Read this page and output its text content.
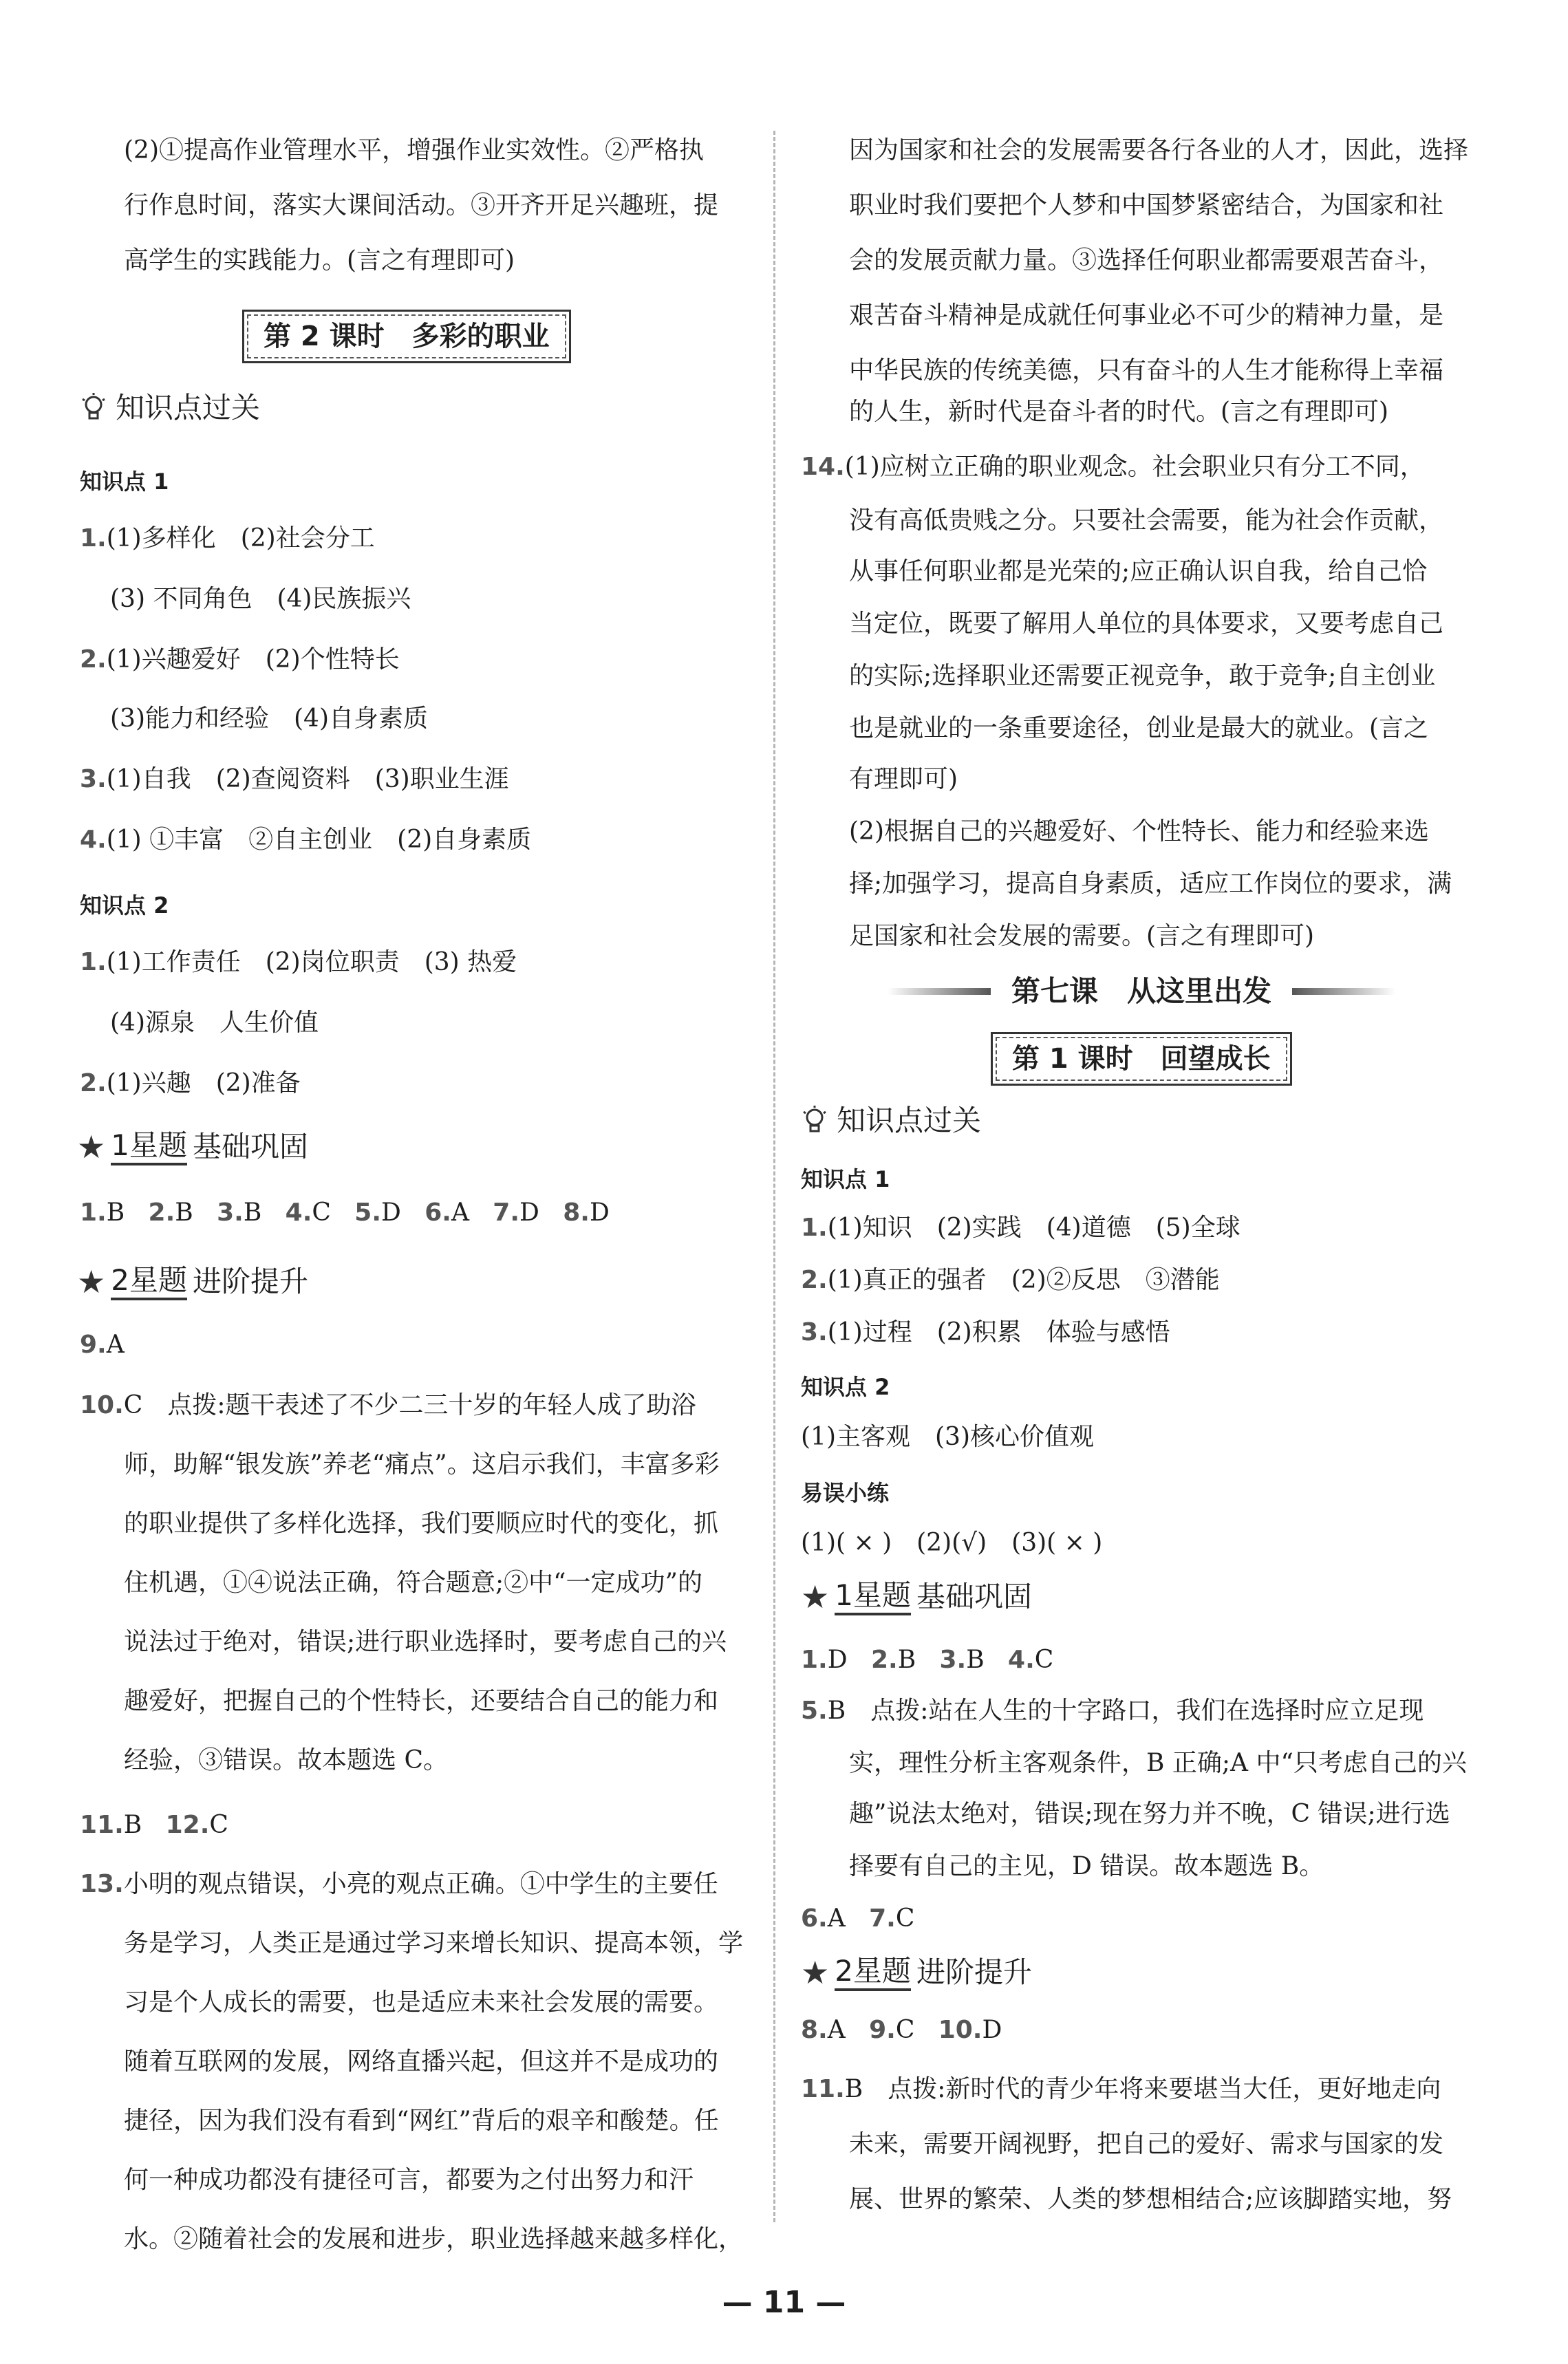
(2)①提高作业管理水平，增强作业实效性。②严格执
行作息时间，落实大课间活动。③开齐开足兴趣班，提
高学生的实践能力。(言之有理即可)
第 2 课时　多彩的职业
知识点过关
知识点 1
1.(1)多样化　(2)社会分工
(3) 不同角色　(4)民族振兴
2.(1)兴趣爱好　(2)个性特长
(3)能力和经验　(4)自身素质
3.(1)自我　(2)查阅资料　(3)职业生涯
4.(1) ①丰富　②自主创业　(2)自身素质
知识点 2
1.(1)工作责任　(2)岗位职责　(3) 热爱
(4)源泉　人生价值
2.(1)兴趣　(2)准备
★ 1星题 基础巩固
1.B 2.B 3.B 4.C 5.D 6.A 7.D 8.D
★ 2星题 进阶提升
9.A
10.C　点拨:题干表述了不少二三十岁的年轻人成了助浴
师，助解“银发族”养老“痛点”。这启示我们，丰富多彩
的职业提供了多样化选择，我们要顺应时代的变化，抓
住机遇，①④说法正确，符合题意;②中“一定成功”的
说法过于绝对，错误;进行职业选择时，要考虑自己的兴
趣爱好，把握自己的个性特长，还要结合自己的能力和
经验，③错误。故本题选 C。
11.B 12.C
13.小明的观点错误，小亮的观点正确。①中学生的主要任
务是学习，人类正是通过学习来增长知识、提高本领，学
习是个人成长的需要，也是适应未来社会发展的需要。
随着互联网的发展，网络直播兴起，但这并不是成功的
捷径，因为我们没有看到“网红”背后的艰辛和酸楚。任
何一种成功都没有捷径可言，都要为之付出努力和汗
水。②随着社会的发展和进步，职业选择越来越多样化，
因为国家和社会的发展需要各行各业的人才，因此，选择
职业时我们要把个人梦和中国梦紧密结合，为国家和社
会的发展贡献力量。③选择任何职业都需要艰苦奋斗，
艰苦奋斗精神是成就任何事业必不可少的精神力量，是
中华民族的传统美德，只有奋斗的人生才能称得上幸福
的人生，新时代是奋斗者的时代。(言之有理即可)
14.(1)应树立正确的职业观念。社会职业只有分工不同，
没有高低贵贱之分。只要社会需要，能为社会作贡献，
从事任何职业都是光荣的;应正确认识自我，给自己恰
当定位，既要了解用人单位的具体要求，又要考虑自己
的实际;选择职业还需要正视竞争，敢于竞争;自主创业
也是就业的一条重要途径，创业是最大的就业。(言之
有理即可)
(2)根据自己的兴趣爱好、个性特长、能力和经验来选
择;加强学习，提高自身素质，适应工作岗位的要求，满
足国家和社会发展的需要。(言之有理即可)
第七课　从这里出发
第 1 课时　回望成长
知识点过关
知识点 1
1.(1)知识　(2)实践　(4)道德　(5)全球
2.(1)真正的强者　(2)②反思　③潜能
3.(1)过程　(2)积累　体验与感悟
知识点 2
(1)主客观　(3)核心价值观
易误小练
(1)( × )　(2)(√)　(3)( × )
★ 1星题 基础巩固
1.D 2.B 3.B 4.C
5.B　点拨:站在人生的十字路口，我们在选择时应立足现
实，理性分析主客观条件，B 正确;A 中“只考虑自己的兴
趣”说法太绝对，错误;现在努力并不晚，C 错误;进行选
择要有自己的主见，D 错误。故本题选 B。
6.A 7.C
★ 2星题 进阶提升
8.A 9.C 10.D
11.B　点拨:新时代的青少年将来要堪当大任，更好地走向
未来，需要开阔视野，把自己的爱好、需求与国家的发
展、世界的繁荣、人类的梦想相结合;应该脚踏实地，努
— 11 —
